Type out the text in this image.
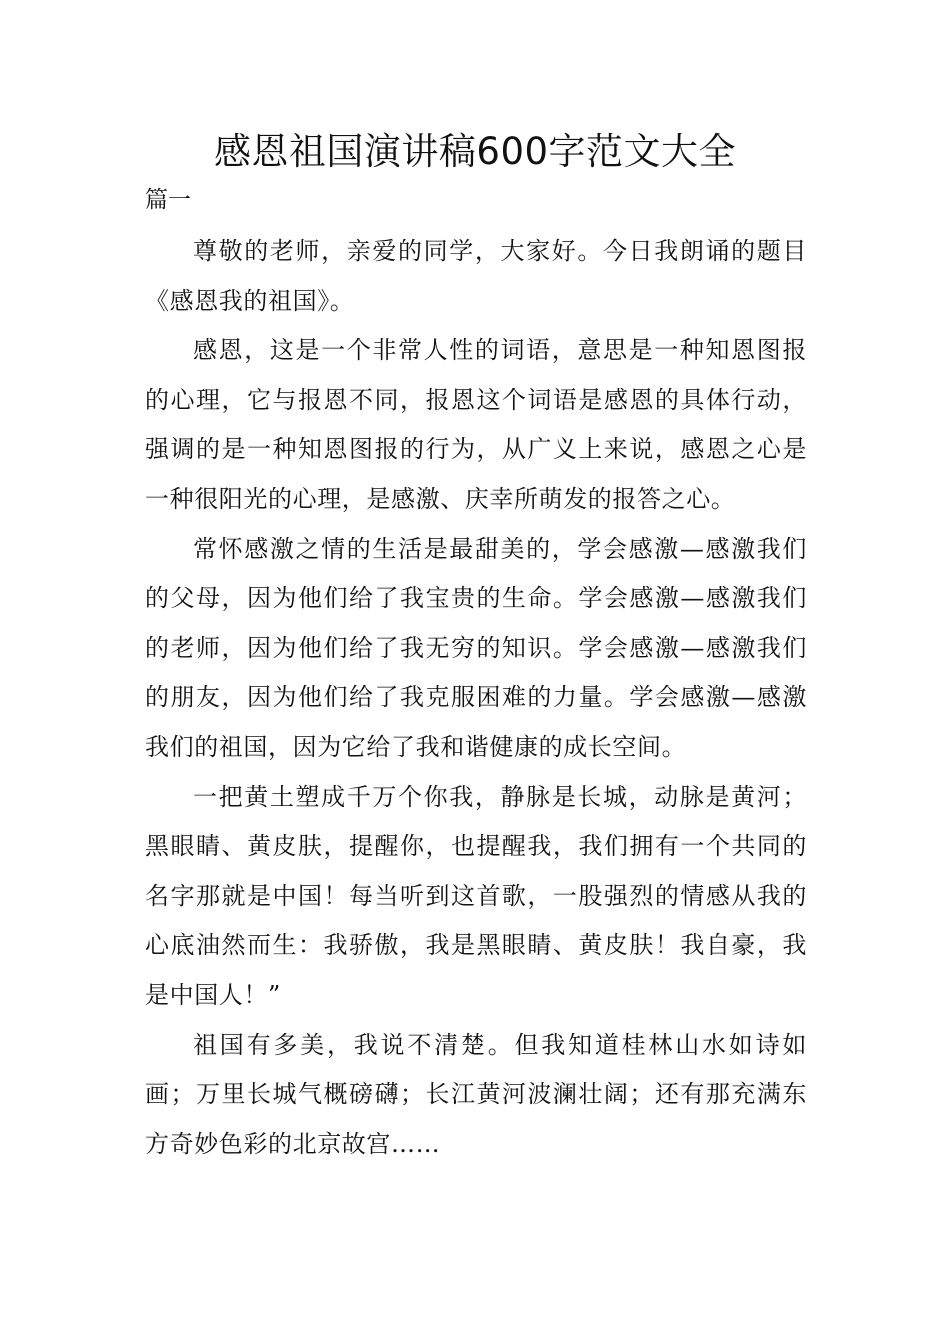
感恩祖国演讲稿600字范文大全
篇一

尊敬的老师，亲爱的同学，大家好。今日我朗诵的题目《感恩我的祖国》。

感恩，这是一个非常人性的词语，意思是一种知恩图报的心理，它与报恩不同，报恩这个词语是感恩的具体行动，强调的是一种知恩图报的行为，从广义上来说，感恩之心是一种很阳光的心理，是感激、庆幸所萌发的报答之心。

常怀感激之情的生活是最甜美的，学会感激—感激我们的父母，因为他们给了我宝贵的生命。学会感激—感激我们的老师，因为他们给了我无穷的知识。学会感激—感激我们的朋友，因为他们给了我克服困难的力量。学会感激—感激我们的祖国，因为它给了我和谐健康的成长空间。

一把黄土塑成千万个你我，静脉是长城，动脉是黄河；黑眼睛、黄皮肤，提醒你，也提醒我，我们拥有一个共同的名字那就是中国！每当听到这首歌，一股强烈的情感从我的心底油然而生：我骄傲，我是黑眼睛、黄皮肤！我自豪，我是中国人！”

祖国有多美，我说不清楚。但我知道桂林山水如诗如画；万里长城气概磅礴；长江黄河波澜壮阔；还有那充满东方奇妙色彩的北京故宫……
